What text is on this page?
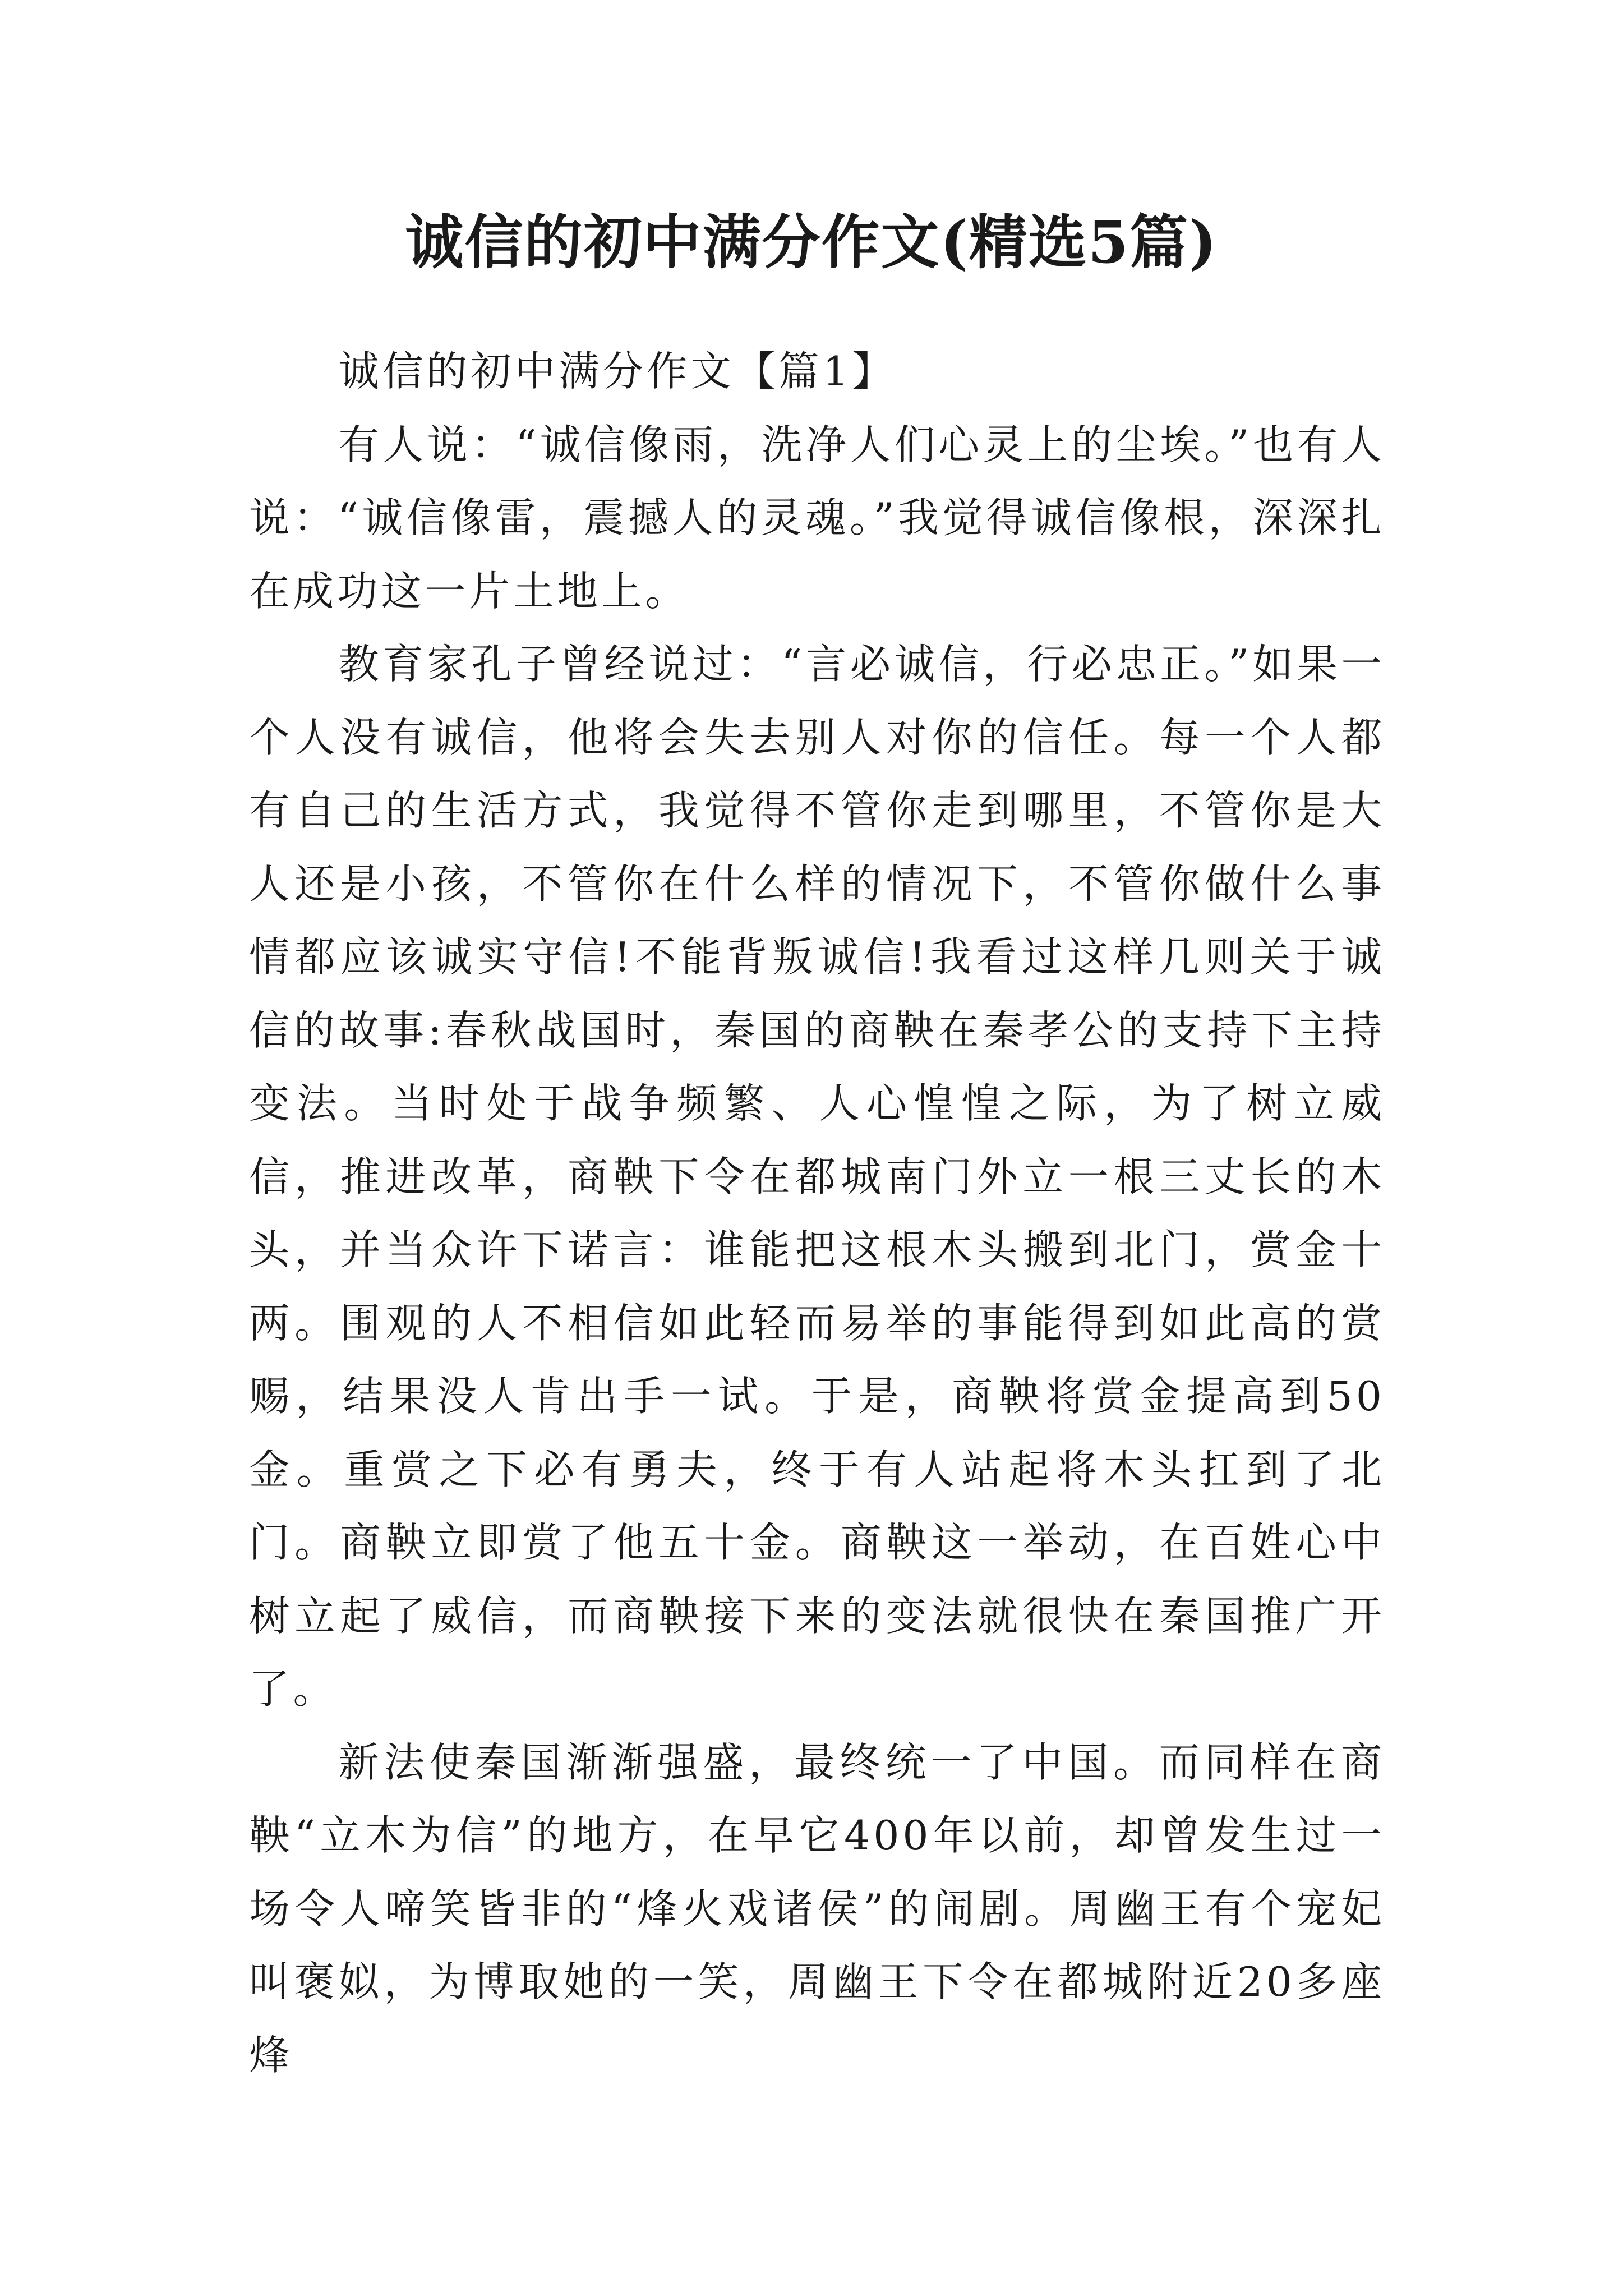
诚信的初中满分作文(精选5篇)

诚信的初中满分作文【篇1】

有人说：“诚信像雨，洗净人们心灵上的尘埃。”也有人说：“诚信像雷，震撼人的灵魂。”我觉得诚信像根，深深扎在成功这一片土地上。

教育家孔子曾经说过：“言必诚信，行必忠正。”如果一个人没有诚信，他将会失去别人对你的信任。每一个人都有自己的生活方式，我觉得不管你走到哪里，不管你是大人还是小孩，不管你在什么样的情况下，不管你做什么事情都应该诚实守信!不能背叛诚信!我看过这样几则关于诚信的故事:春秋战国时，秦国的商鞅在秦孝公的支持下主持变法。当时处于战争频繁、人心惶惶之际，为了树立威信，推进改革，商鞅下令在都城南门外立一根三丈长的木头，并当众许下诺言：谁能把这根木头搬到北门，赏金十两。围观的人不相信如此轻而易举的事能得到如此高的赏赐，结果没人肯出手一试。于是，商鞅将赏金提高到50金。重赏之下必有勇夫，终于有人站起将木头扛到了北门。商鞅立即赏了他五十金。商鞅这一举动，在百姓心中树立起了威信，而商鞅接下来的变法就很快在秦国推广开了。

新法使秦国渐渐强盛，最终统一了中国。而同样在商鞅“立木为信”的地方，在早它400年以前，却曾发生过一场令人啼笑皆非的“烽火戏诸侯”的闹剧。周幽王有个宠妃叫褒姒，为博取她的一笑，周幽王下令在都城附近20多座烽
